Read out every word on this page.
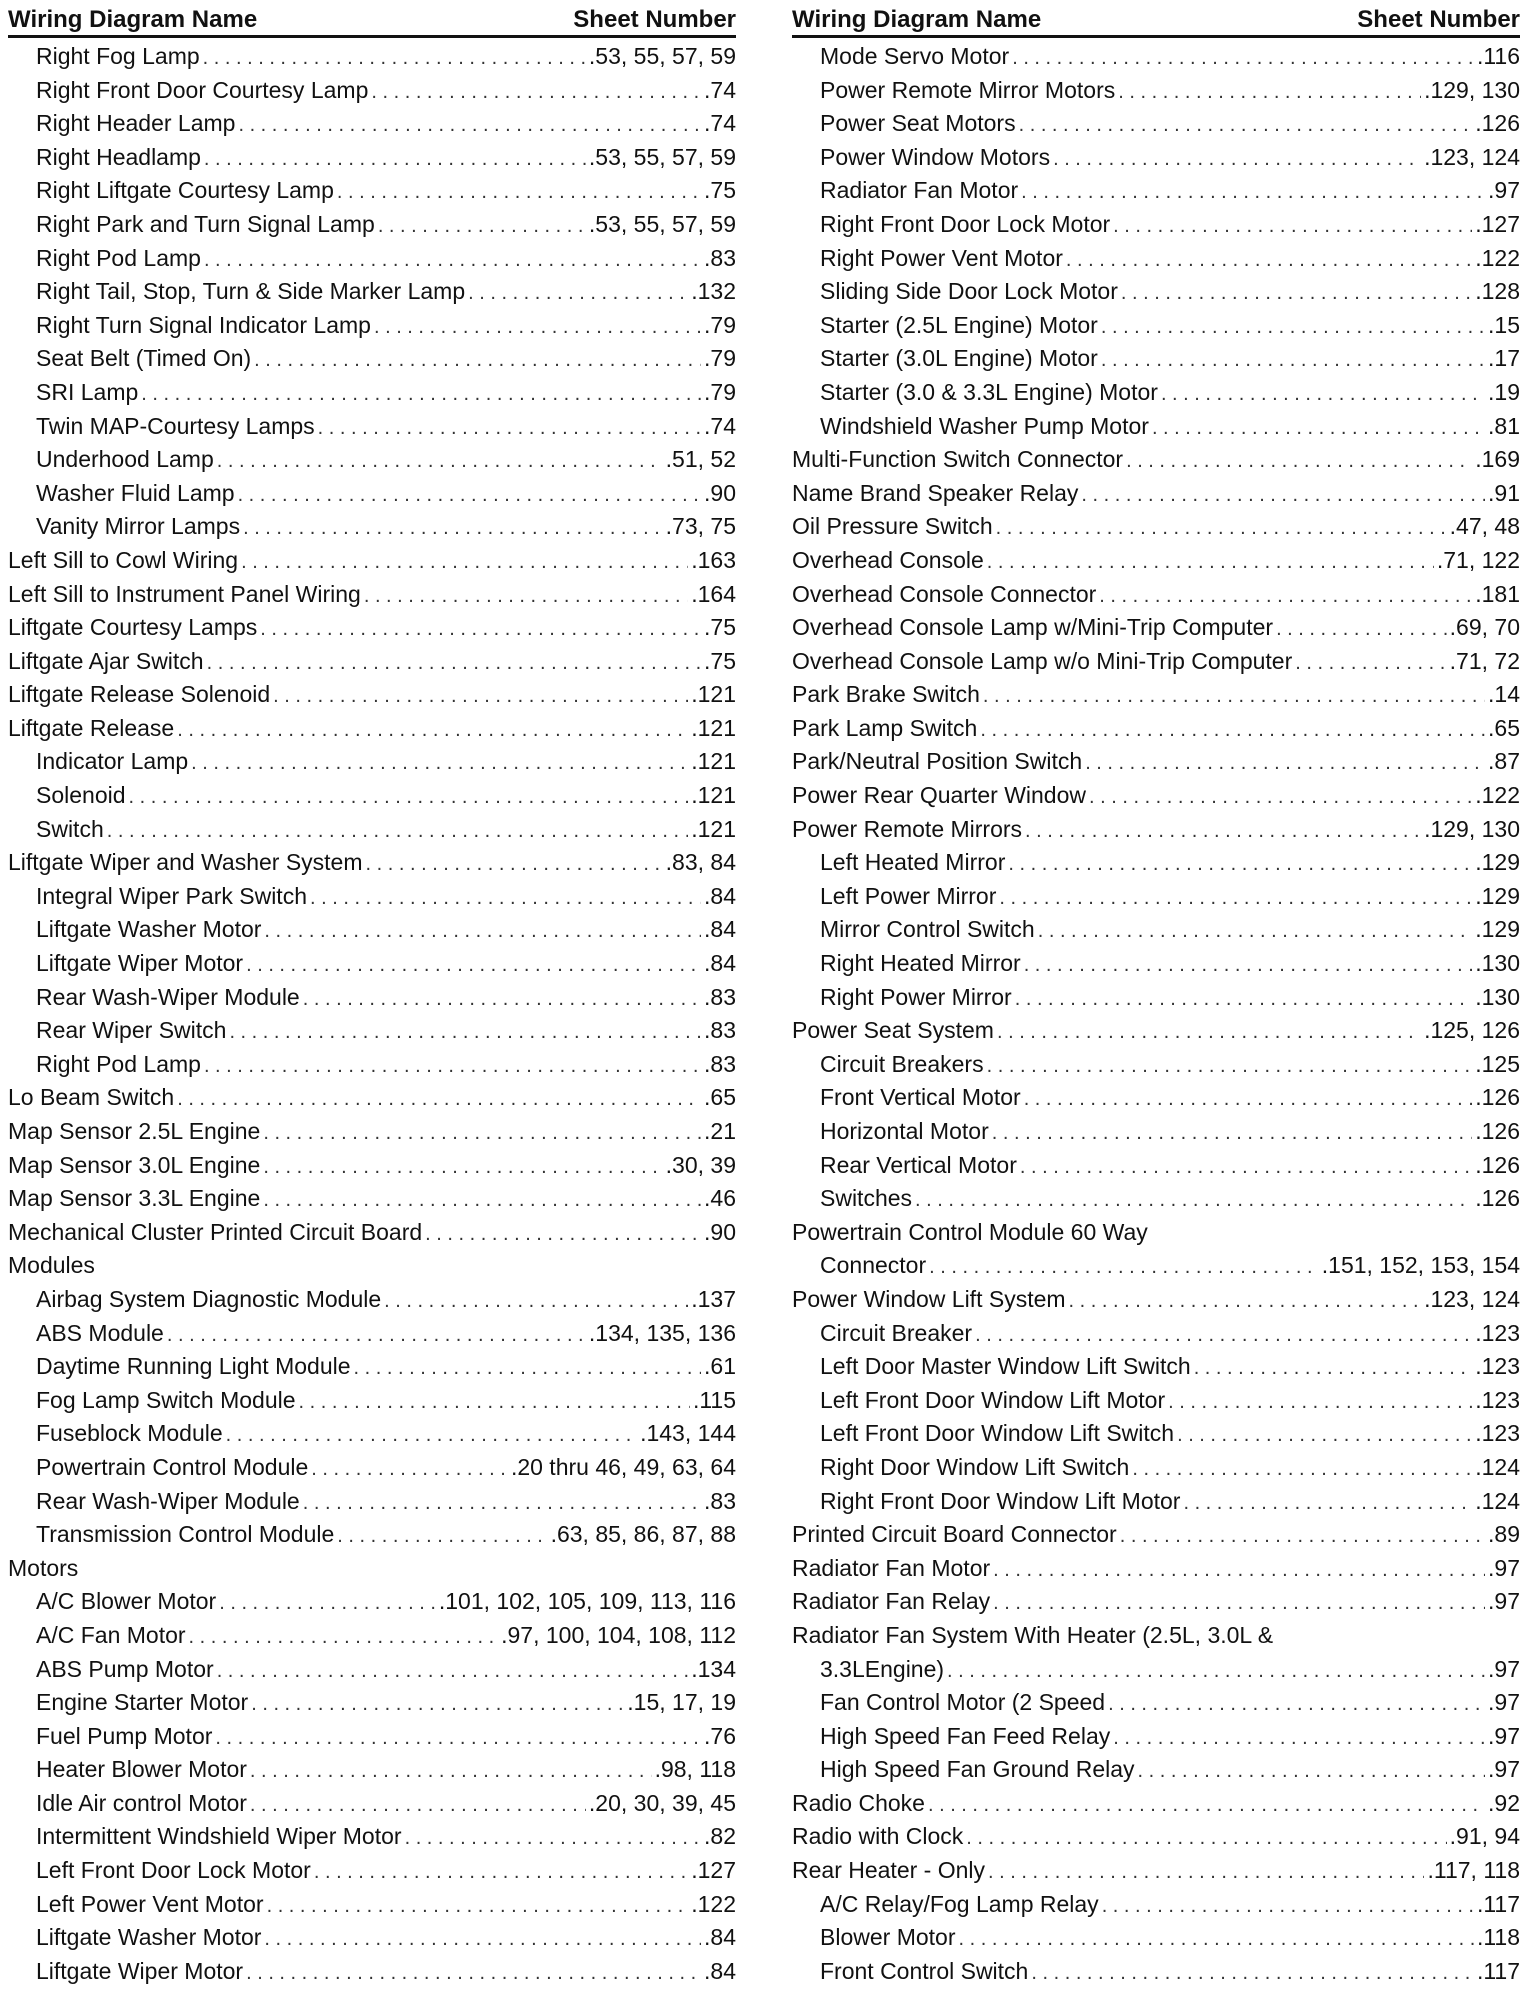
Wiring Diagram Name	Sheet Number
Right Fog Lamp . . .	.53, 55, 57, 59
Right Front Door Courtesy Lamp . . .	.74
Right Header Lamp . . .	.74
Right Headlamp . . .	.53, 55, 57, 59
Right Liftgate Courtesy Lamp . . .	.75
Right Park and Turn Signal Lamp . . .	.53, 55, 57, 59
Right Pod Lamp . . .	.83
Right Tail, Stop, Turn & Side Marker Lamp . . .	.132
Right Turn Signal Indicator Lamp . . .	.79
Seat Belt (Timed On) . . .	.79
SRI Lamp . . .	.79
Twin MAP-Courtesy Lamps . . .	.74
Underhood Lamp . . .	.51, 52
Washer Fluid Lamp . . .	.90
Vanity Mirror Lamps . . .	.73, 75
Left Sill to Cowl Wiring . . .	.163
Left Sill to Instrument Panel Wiring . . .	.164
Liftgate Courtesy Lamps . . .	.75
Liftgate Ajar Switch . . .	.75
Liftgate Release Solenoid . . .	.121
Liftgate Release . . .	.121
Indicator Lamp . . .	.121
Solenoid . . .	.121
Switch . . .	.121
Liftgate Wiper and Washer System . . .	.83, 84
Integral Wiper Park Switch . . .	.84
Liftgate Washer Motor . . .	.84
Liftgate Wiper Motor . . .	.84
Rear Wash-Wiper Module . . .	.83
Rear Wiper Switch . . .	.83
Right Pod Lamp . . .	.83
Lo Beam Switch . . .	.65
Map Sensor 2.5L Engine . . .	.21
Map Sensor 3.0L Engine . . .	.30, 39
Map Sensor 3.3L Engine . . .	.46
Mechanical Cluster Printed Circuit Board . . .	.90
Modules
Airbag System Diagnostic Module . . .	.137
ABS Module . . .	.134, 135, 136
Daytime Running Light Module . . .	.61
Fog Lamp Switch Module . . .	.115
Fuseblock Module . . .	.143, 144
Powertrain Control Module . . .	.20 thru 46, 49, 63, 64
Rear Wash-Wiper Module . . .	.83
Transmission Control Module . . .	.63, 85, 86, 87, 88
Motors
A/C Blower Motor . . .	.101, 102, 105, 109, 113, 116
A/C Fan Motor . . .	.97, 100, 104, 108, 112
ABS Pump Motor . . .	.134
Engine Starter Motor . . .	.15, 17, 19
Fuel Pump Motor . . .	.76
Heater Blower Motor . . .	.98, 118
Idle Air control Motor . . .	.20, 30, 39, 45
Intermittent Windshield Wiper Motor . . .	.82
Left Front Door Lock Motor . . .	.127
Left Power Vent Motor . . .	.122
Liftgate Washer Motor . . .	.84
Liftgate Wiper Motor . . .	.84
Wiring Diagram Name	Sheet Number
Mode Servo Motor . . .	.116
Power Remote Mirror Motors . . .	.129, 130
Power Seat Motors . . .	.126
Power Window Motors . . .	.123, 124
Radiator Fan Motor . . .	.97
Right Front Door Lock Motor . . .	.127
Right Power Vent Motor . . .	.122
Sliding Side Door Lock Motor . . .	.128
Starter (2.5L Engine) Motor . . .	.15
Starter (3.0L Engine) Motor . . .	.17
Starter (3.0 & 3.3L Engine) Motor . . .	.19
Windshield Washer Pump Motor . . .	.81
Multi-Function Switch Connector . . .	.169
Name Brand Speaker Relay . . .	.91
Oil Pressure Switch . . .	.47, 48
Overhead Console . . .	.71, 122
Overhead Console Connector . . .	.181
Overhead Console Lamp w/Mini-Trip Computer . . .	.69, 70
Overhead Console Lamp w/o Mini-Trip Computer . . .	.71, 72
Park Brake Switch . . .	.14
Park Lamp Switch . . .	.65
Park/Neutral Position Switch . . .	.87
Power Rear Quarter Window . . .	.122
Power Remote Mirrors . . .	.129, 130
Left Heated Mirror . . .	.129
Left Power Mirror . . .	.129
Mirror Control Switch . . .	.129
Right Heated Mirror . . .	.130
Right Power Mirror . . .	.130
Power Seat System . . .	.125, 126
Circuit Breakers . . .	.125
Front Vertical Motor . . .	.126
Horizontal Motor . . .	.126
Rear Vertical Motor . . .	.126
Switches . . .	.126
Powertrain Control Module 60 Way
Connector . . .	.151, 152, 153, 154
Power Window Lift System . . .	.123, 124
Circuit Breaker . . .	.123
Left Door Master Window Lift Switch . . .	.123
Left Front Door Window Lift Motor . . .	.123
Left Front Door Window Lift Switch . . .	.123
Right Door Window Lift Switch . . .	.124
Right Front Door Window Lift Motor . . .	.124
Printed Circuit Board Connector . . .	.89
Radiator Fan Motor . . .	.97
Radiator Fan Relay . . .	.97
Radiator Fan System With Heater (2.5L, 3.0L &
3.3LEngine) . . .	.97
Fan Control Motor (2 Speed . . .	.97
High Speed Fan Feed Relay . . .	.97
High Speed Fan Ground Relay . . .	.97
Radio Choke . . .	.92
Radio with Clock . . .	.91, 94
Rear Heater - Only . . .	.117, 118
A/C Relay/Fog Lamp Relay . . .	.117
Blower Motor . . .	.118
Front Control Switch . . .	.117
